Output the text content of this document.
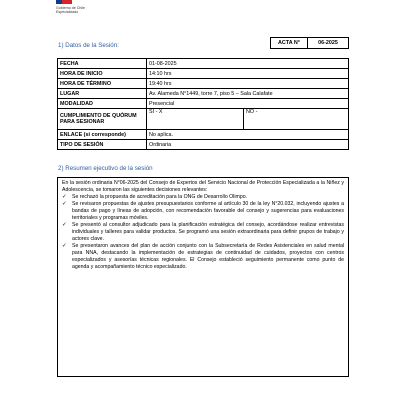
Gobierno de Chile
Especializado
1) Datos de la Sesión:	ACTA N°	06-2025
FECHA	01-08-2025	
HORA DE INICIO	14:10 hrs	
HORA DE TÉRMINO	19:40 hrs	
LUGAR	Av. Alameda N°1449, torre 7, piso 5 – Sala Calafate	
MODALIDAD	Presencial	
CUMPLIMIENTO DE QUÓRUM PARA SESIONAR	SI - X	NO -
ENLACE (si corresponde)	No aplica.	
TIPO DE SESIÓN	Ordinaria	
2) Resumen ejecutivo de la sesión

En la sesión ordinaria N°06-2025 del Consejo de Expertos del Servicio Nacional de Protección Especializada a la Niñez y Adolescencia, se tomaron las siguientes decisiones relevantes:

✓ Se rechazó la propuesta de acreditación para la ONG de Desarrollo Olimpo.
✓ Se revisaron propuestas de ajustes presupuestarios conforme al artículo 30 de la ley N°20.032, incluyendo ajustes a bandas de pago y líneas de adopción, con recomendación favorable del consejo y sugerencias para evaluaciones territoriales y programas móviles.
✓ Se presentó al consultor adjudicado para la planificación estratégica del consejo, acordándose realizar entrevistas individuales y talleres para validar productos. Se programó una sesión extraordinaria para definir grupos de trabajo y actores clave.
✓ Se presentaron avances del plan de acción conjunto con la Subsecretaría de Redes Asistenciales en salud mental para NNA, destacando la implementación de estrategias de continuidad de cuidados, proyectos con centros especializados y asesorías técnicas regionales. El Consejo estableció seguimiento permanente como punto de agenda y acompañamiento técnico especializado.
